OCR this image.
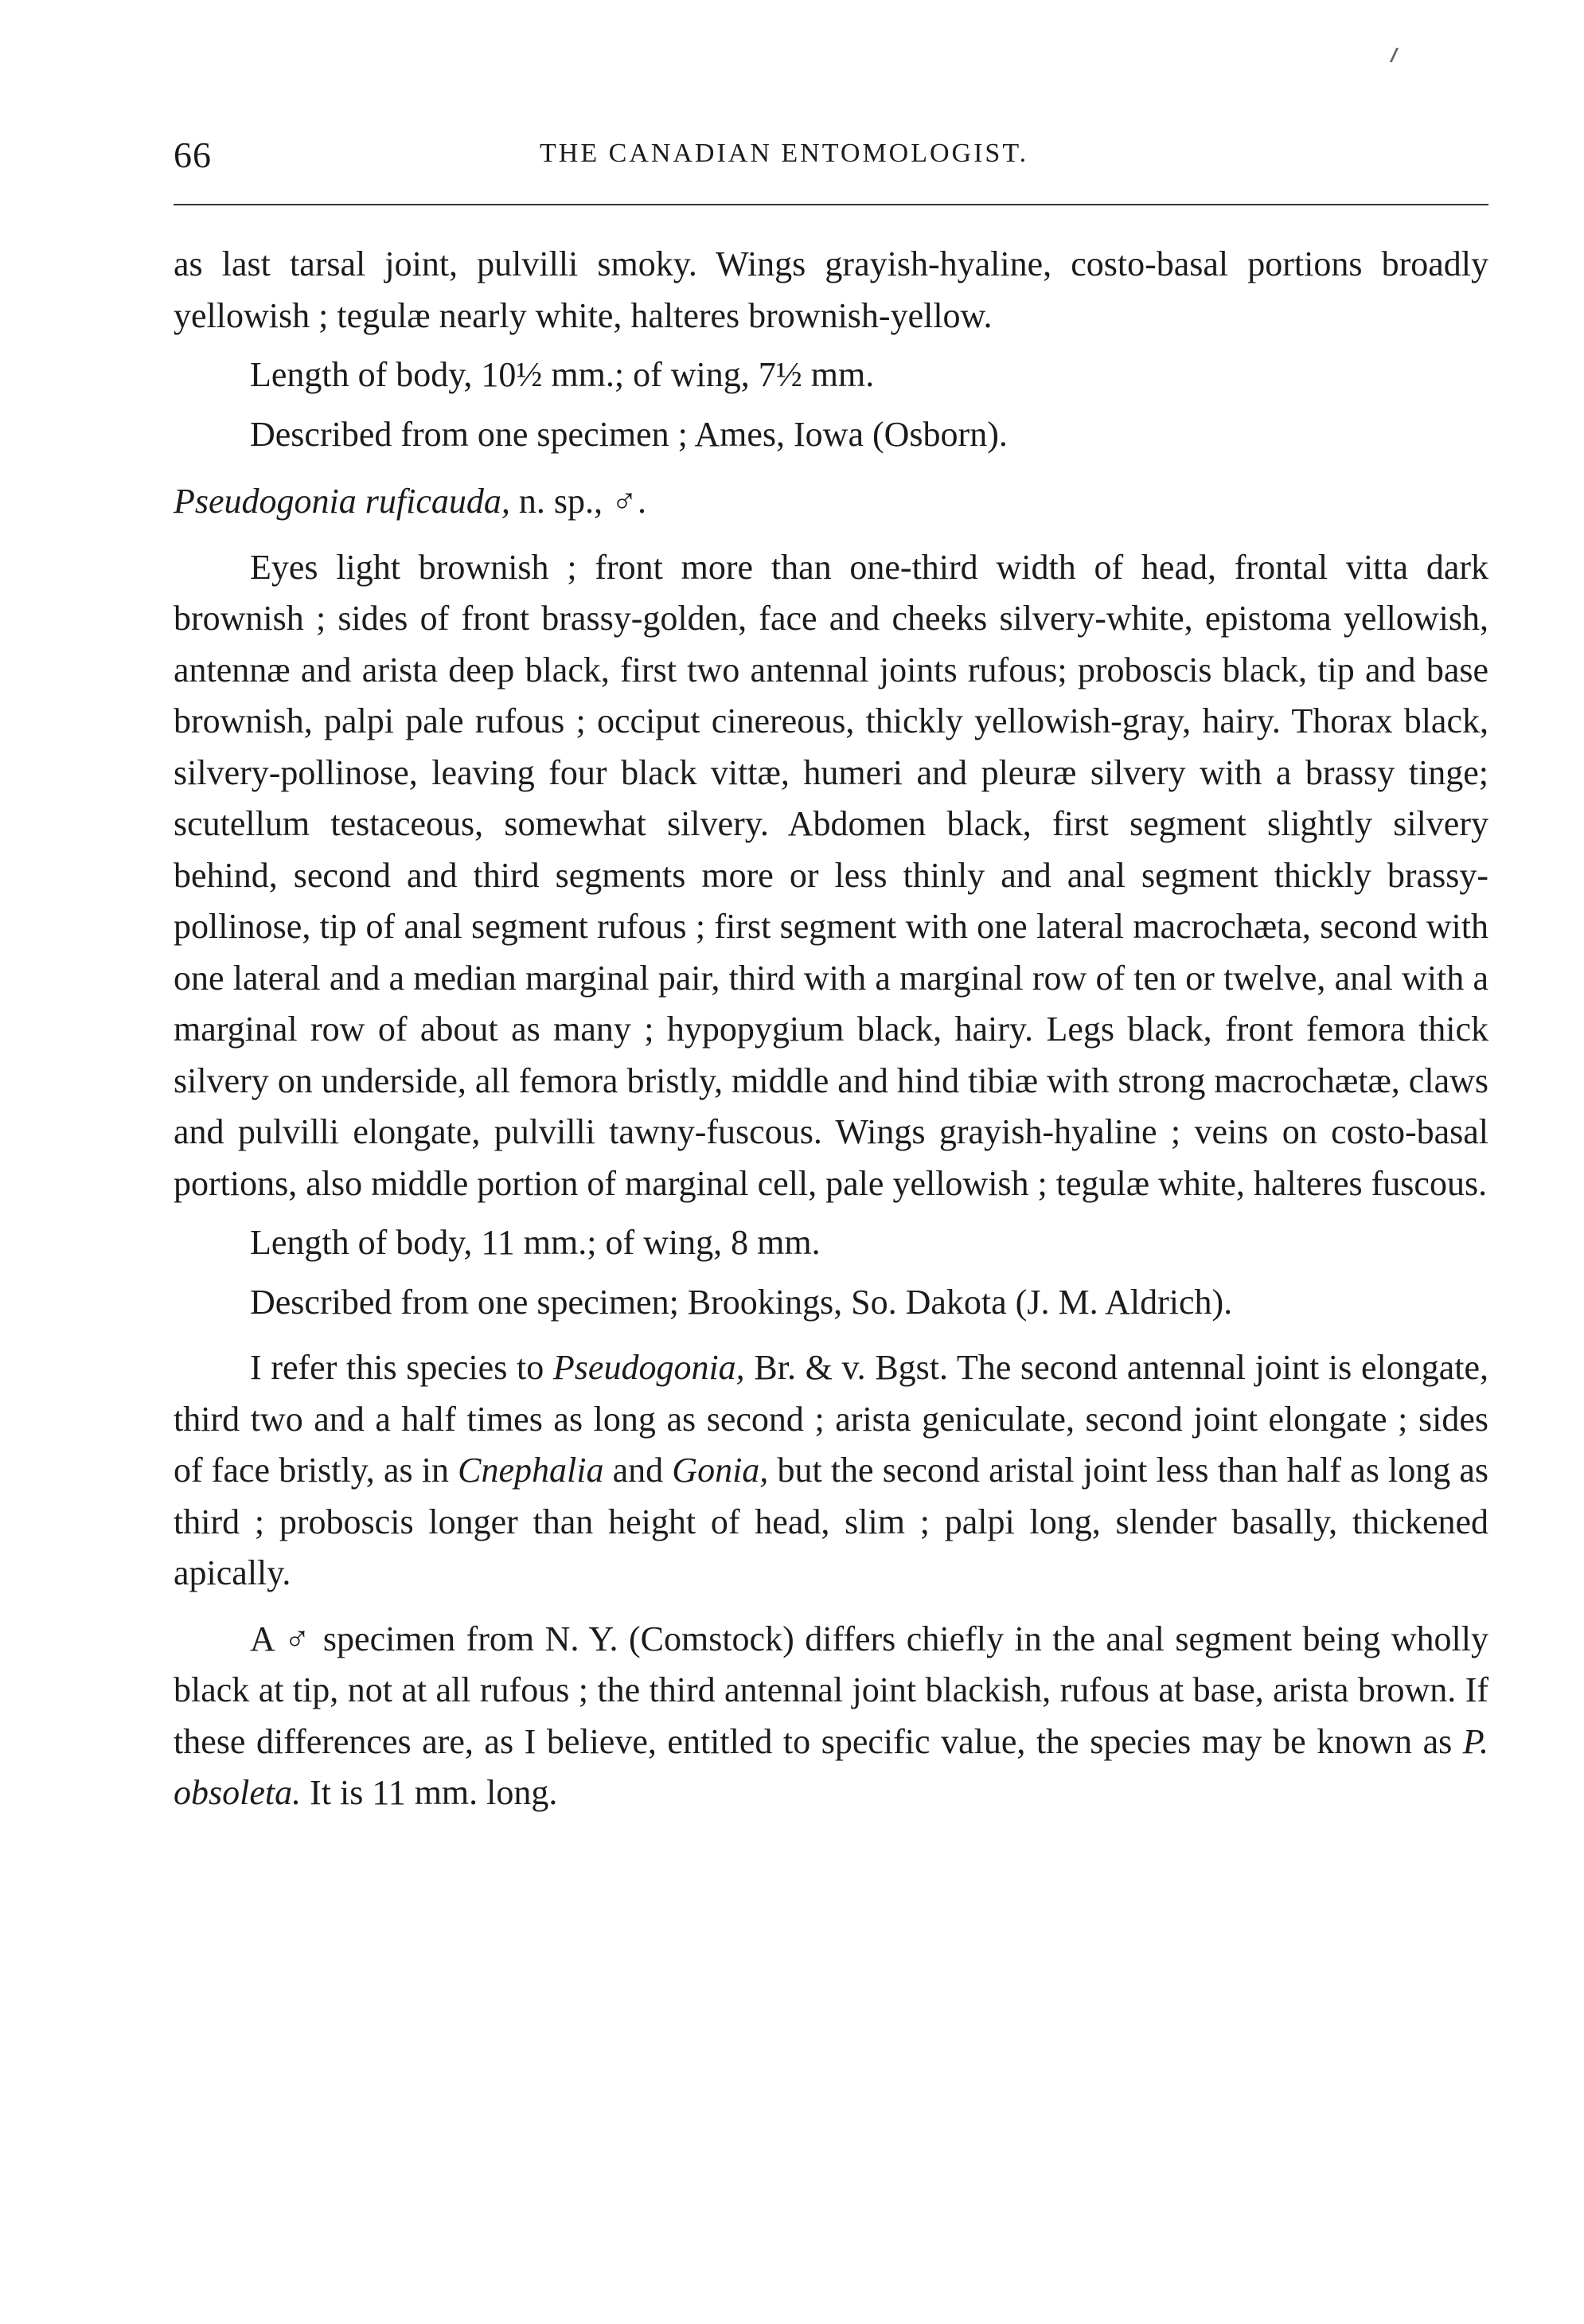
66	THE CANADIAN ENTOMOLOGIST.

as last tarsal joint, pulvilli smoky. Wings grayish-hyaline, costo-basal portions broadly yellowish ; tegulæ nearly white, halteres brownish-yellow.

Length of body, 10½ mm.; of wing, 7½ mm.

Described from one specimen ; Ames, Iowa (Osborn).

Pseudogonia ruficauda, n. sp., ♂.

Eyes light brownish ; front more than one-third width of head, frontal vitta dark brownish ; sides of front brassy-golden, face and cheeks silvery-white, epistoma yellowish, antennæ and arista deep black, first two antennal joints rufous; proboscis black, tip and base brownish, palpi pale rufous ; occiput cinereous, thickly yellowish-gray, hairy. Thorax black, silvery-pollinose, leaving four black vittæ, humeri and pleuræ silvery with a brassy tinge; scutellum testaceous, somewhat silvery. Abdomen black, first segment slightly silvery behind, second and third segments more or less thinly and anal segment thickly brassy-pollinose, tip of anal segment rufous ; first segment with one lateral macrochæta, second with one lateral and a median marginal pair, third with a marginal row of ten or twelve, anal with a marginal row of about as many ; hypopygium black, hairy. Legs black, front femora thick silvery on underside, all femora bristly, middle and hind tibiæ with strong macrochætæ, claws and pulvilli elongate, pulvilli tawny-fuscous. Wings grayish-hyaline ; veins on costo-basal portions, also middle portion of marginal cell, pale yellowish ; tegulæ white, halteres fuscous.

Length of body, 11 mm.; of wing, 8 mm.

Described from one specimen; Brookings, So. Dakota (J. M. Aldrich).

I refer this species to Pseudogonia, Br. & v. Bgst. The second antennal joint is elongate, third two and a half times as long as second ; arista geniculate, second joint elongate ; sides of face bristly, as in Cnephalia and Gonia, but the second aristal joint less than half as long as third ; proboscis longer than height of head, slim ; palpi long, slender basally, thickened apically.

A ♂ specimen from N. Y. (Comstock) differs chiefly in the anal segment being wholly black at tip, not at all rufous ; the third antennal joint blackish, rufous at base, arista brown. If these differences are, as I believe, entitled to specific value, the species may be known as P. obsoleta. It is 11 mm. long.
